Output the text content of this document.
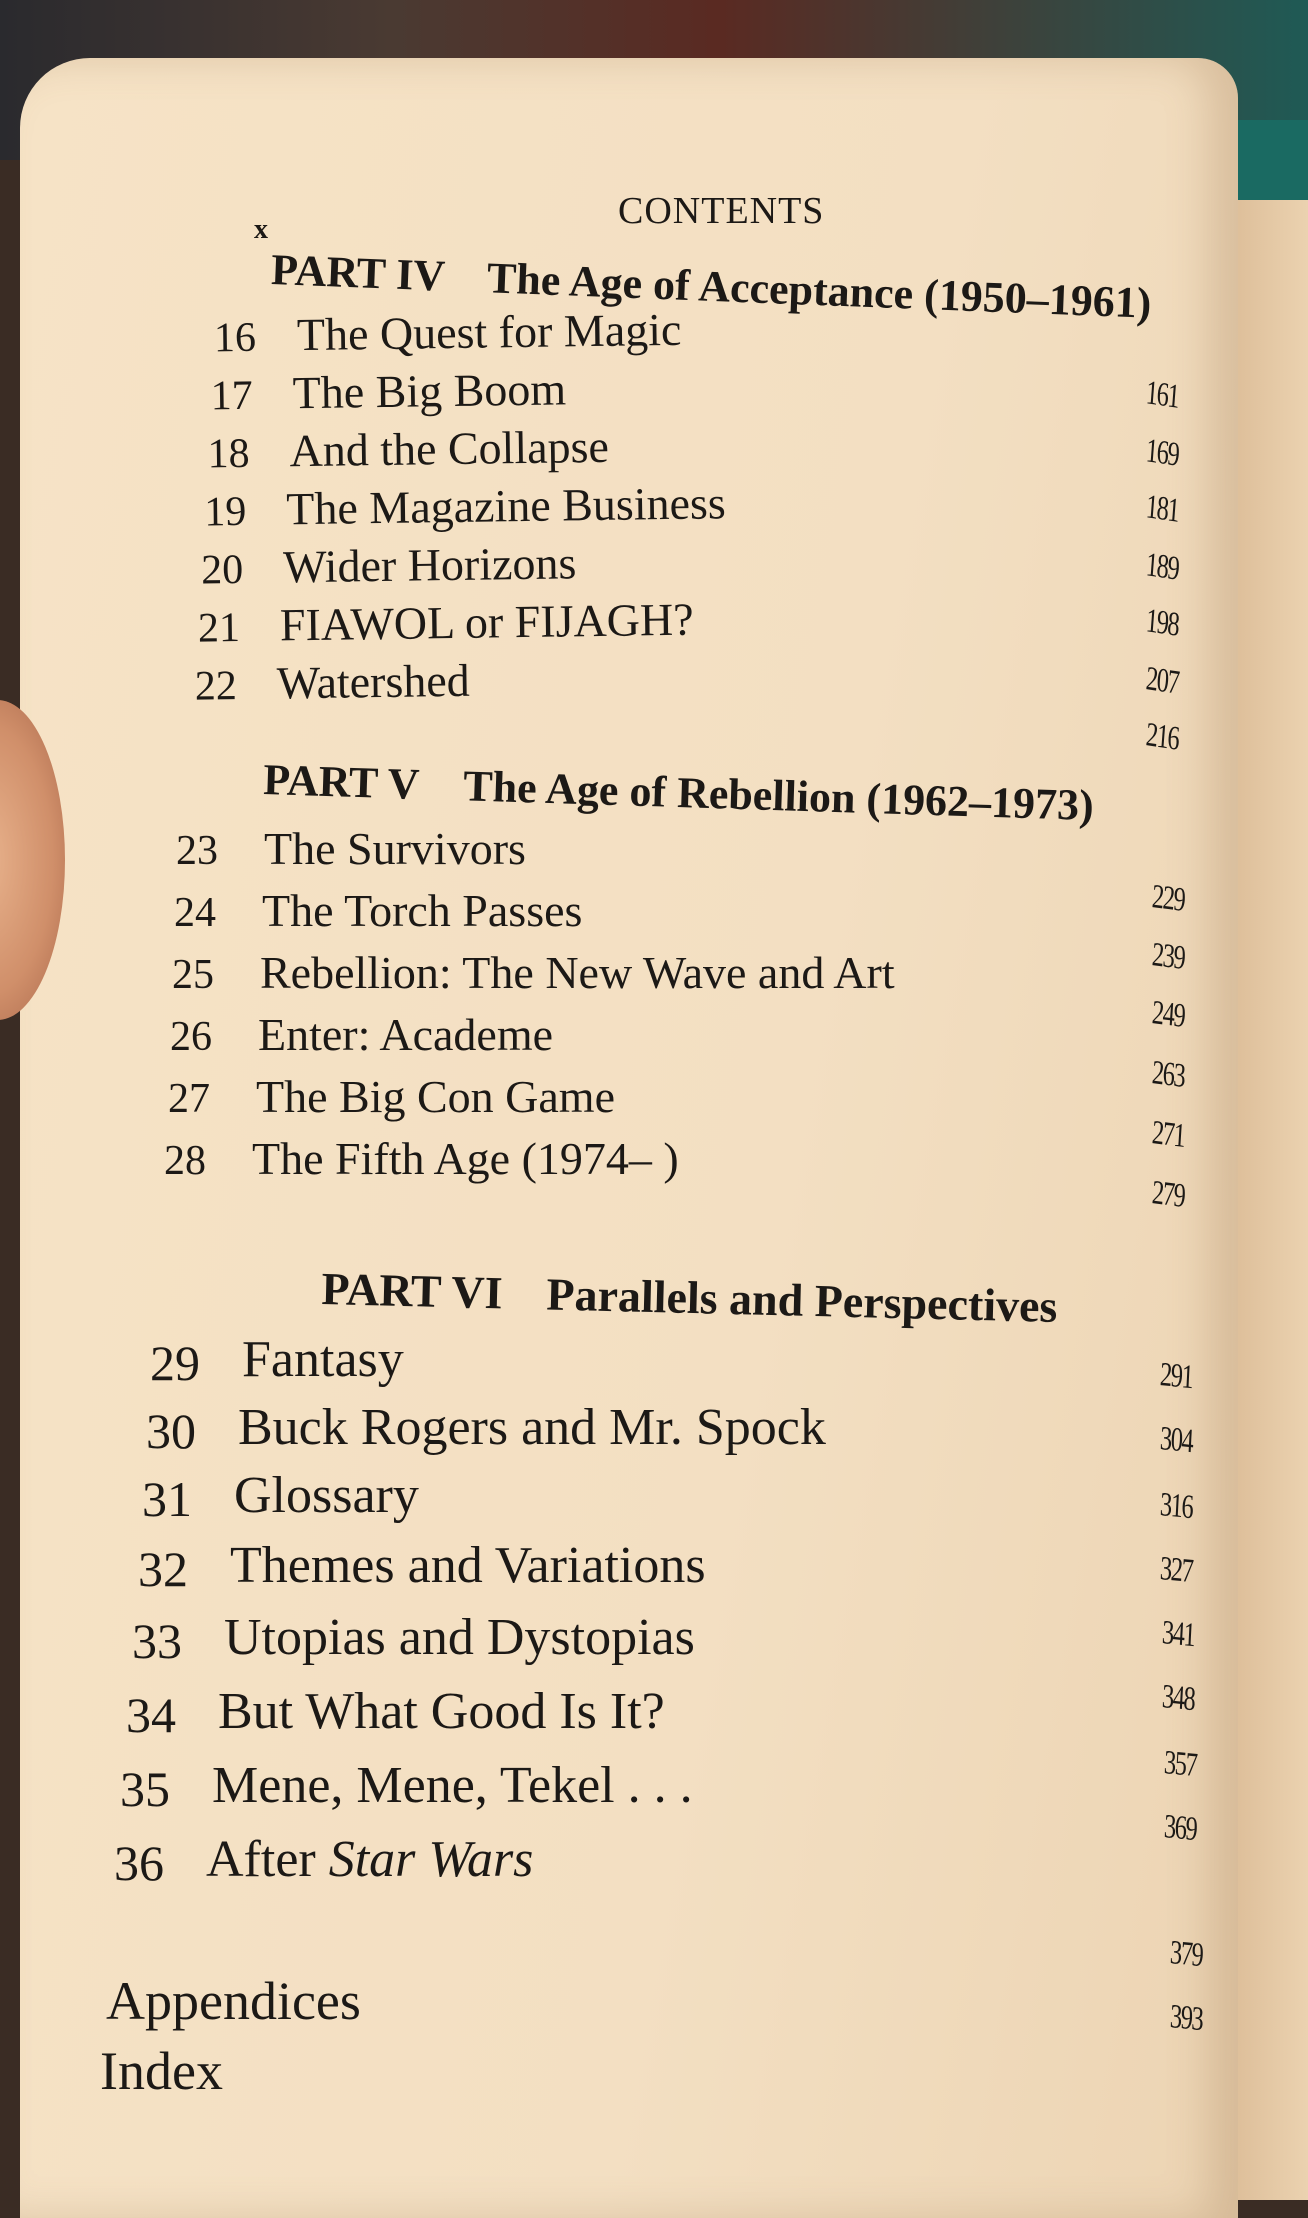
x	CONTENTS
PART IV The Age of Acceptance (1950–1961)
16 The Quest for Magic
17 The Big Boom
18 And the Collapse
19 The Magazine Business
20 Wider Horizons
21 FIAWOL or FIJAGH?
22 Watershed
161
169
181
189
198
207
216
PART V The Age of Rebellion (1962–1973)
23 The Survivors
24 The Torch Passes
25 Rebellion: The New Wave and Art
26 Enter: Academe
27 The Big Con Game
28 The Fifth Age (1974– )
229
239
249
263
271
279
PART VI Parallels and Perspectives
29 Fantasy
30 Buck Rogers and Mr. Spock
31 Glossary
32 Themes and Variations
33 Utopias and Dystopias
34 But What Good Is It?
35 Mene, Mene, Tekel . . .
36 After Star Wars
291
304
316
327
341
348
357
369
Appendices
Index
379
393
